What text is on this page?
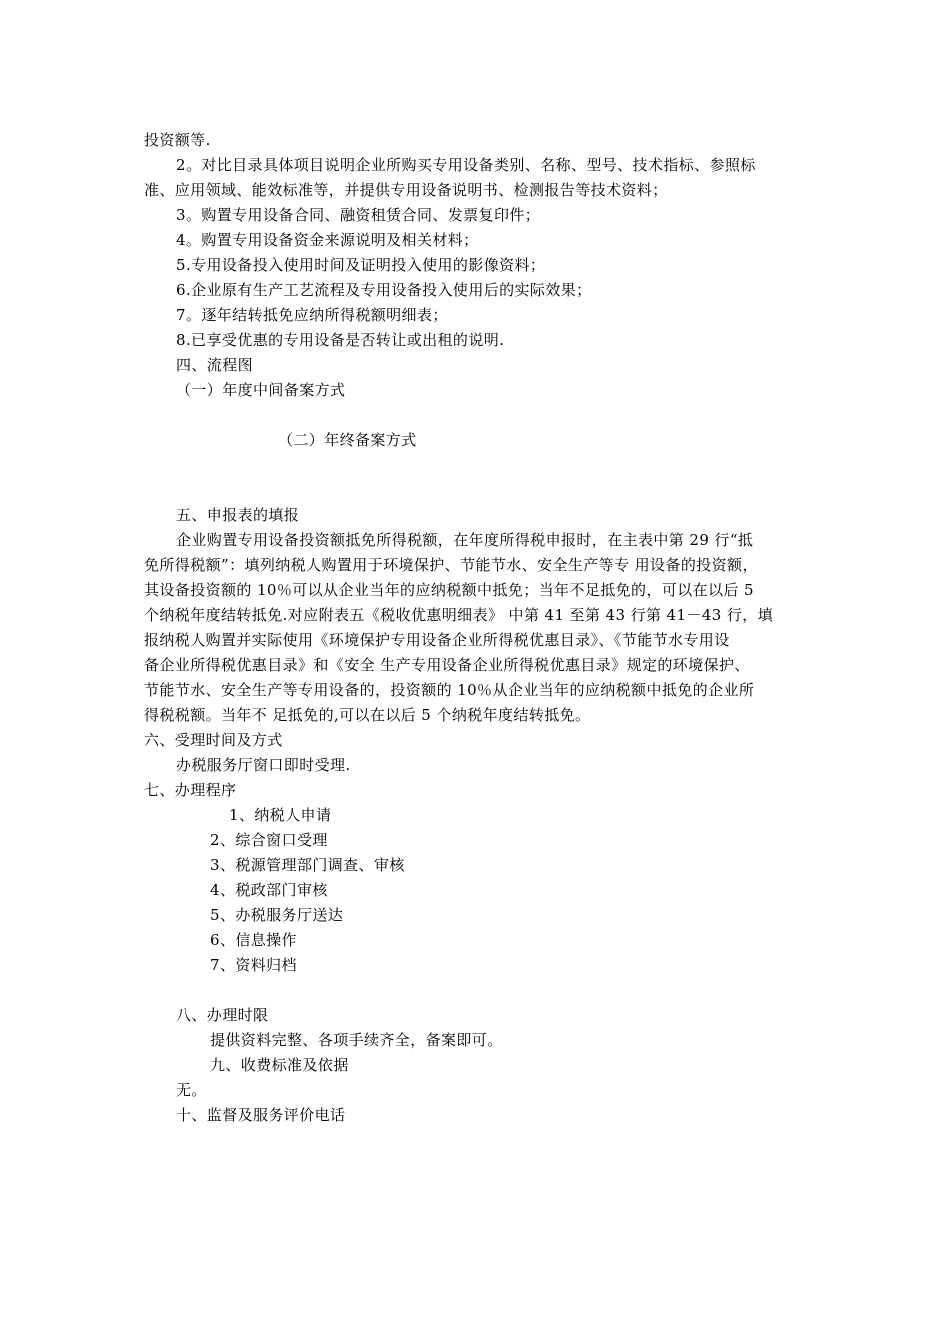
投资额等.
2。对比目录具体项目说明企业所购买专用设备类别、名称、型号、技术指标、参照标
准、应用领域、能效标准等，并提供专用设备说明书、检测报告等技术资料；
3。购置专用设备合同、融资租赁合同、发票复印件；
4。购置专用设备资金来源说明及相关材料；
5.专用设备投入使用时间及证明投入使用的影像资料；
6.企业原有生产工艺流程及专用设备投入使用后的实际效果；
7。逐年结转抵免应纳所得税额明细表；
8.已享受优惠的专用设备是否转让或出租的说明.
四、流程图
（一）年度中间备案方式
（二）年终备案方式
五、申报表的填报
企业购置专用设备投资额抵免所得税额，在年度所得税申报时，在主表中第 29 行“抵
免所得税额”：填列纳税人购置用于环境保护、节能节水、安全生产等专 用设备的投资额，
其设备投资额的 10％可以从企业当年的应纳税额中抵免；当年不足抵免的，可以在以后 5
个纳税年度结转抵免.对应附表五《税收优惠明细表》 中第 41 至第 43 行第 41－43 行，填
报纳税人购置并实际使用《环境保护专用设备企业所得税优惠目录》、《节能节水专用设
备企业所得税优惠目录》和《安全 生产专用设备企业所得税优惠目录》规定的环境保护、
节能节水、安全生产等专用设备的，投资额的 10％从企业当年的应纳税额中抵免的企业所
得税税额。当年不 足抵免的,可以在以后 5 个纳税年度结转抵免。
六、受理时间及方式
办税服务厅窗口即时受理.
七、办理程序
1、纳税人申请
2、综合窗口受理
3、税源管理部门调查、审核
4、税政部门审核
5、办税服务厅送达
6、信息操作
7、资料归档
八、办理时限
提供资料完整、各项手续齐全，备案即可。
九、收费标准及依据
无。
十、监督及服务评价电话
